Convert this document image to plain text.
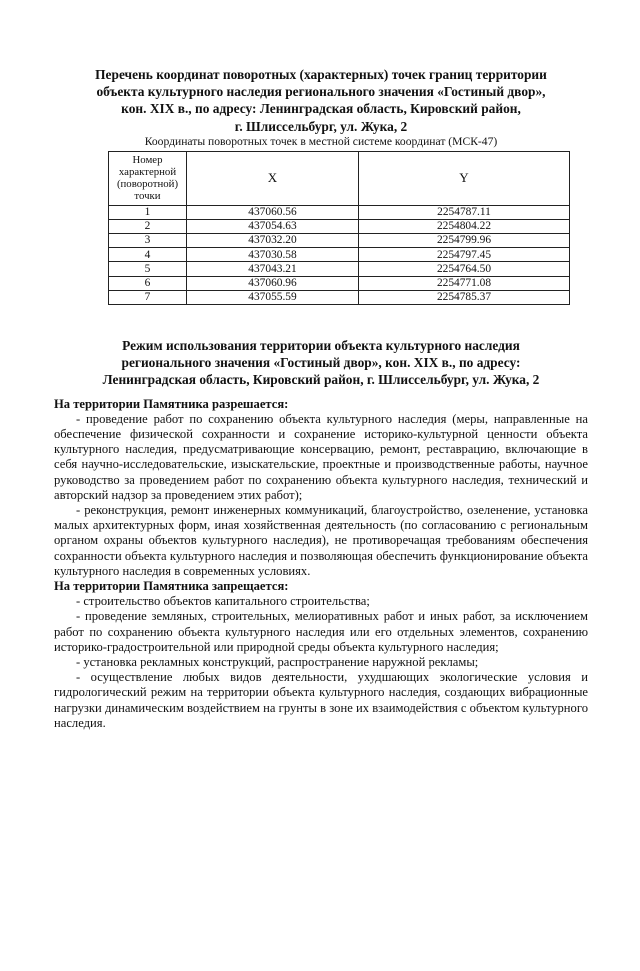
Перечень координат поворотных (характерных) точек границ территории
объекта культурного наследия регионального значения «Гостиный двор»,
кон. XIX в., по адресу: Ленинградская область, Кировский район,
г. Шлиссельбург, ул. Жука, 2
Координаты поворотных точек в местной системе координат (МСК-47)
Номер
характерной
(поворотной)
точки	X	Y
1	437060.56	2254787.11
2	437054.63	2254804.22
3	437032.20	2254799.96
4	437030.58	2254797.45
5	437043.21	2254764.50
6	437060.96	2254771.08
7	437055.59	2254785.37
Режим использования территории объекта культурного наследия
регионального значения «Гостиный двор», кон. XIX в., по адресу:
Ленинградская область, Кировский район, г. Шлиссельбург, ул. Жука, 2

На территории Памятника разрешается:

- проведение работ по сохранению объекта культурного наследия (меры, направленные на обеспечение физической сохранности и сохранение историко-культурной ценности объекта культурного наследия, предусматривающие консервацию, ремонт, реставрацию, включающие в себя научно-исследовательские, изыскательские, проектные и производственные работы, научное руководство за проведением работ по сохранению объекта культурного наследия, технический и авторский надзор за проведением этих работ);

- реконструкция, ремонт инженерных коммуникаций, благоустройство, озеленение, установка малых архитектурных форм, иная хозяйственная деятельность (по согласованию с региональным органом охраны объектов культурного наследия), не противоречащая требованиям обеспечения сохранности объекта культурного наследия и позволяющая обеспечить функционирование объекта культурного наследия в современных условиях.

На территории Памятника запрещается:

- строительство объектов капитального строительства;

- проведение земляных, строительных, мелиоративных работ и иных работ, за исключением работ по сохранению объекта культурного наследия или его отдельных элементов, сохранению историко-градостроительной или природной среды объекта культурного наследия;

- установка рекламных конструкций, распространение наружной рекламы;

- осуществление любых видов деятельности, ухудшающих экологические условия и гидрологический режим на территории объекта культурного наследия, создающих вибрационные нагрузки динамическим воздействием на грунты в зоне их взаимодействия с объектом культурного наследия.
